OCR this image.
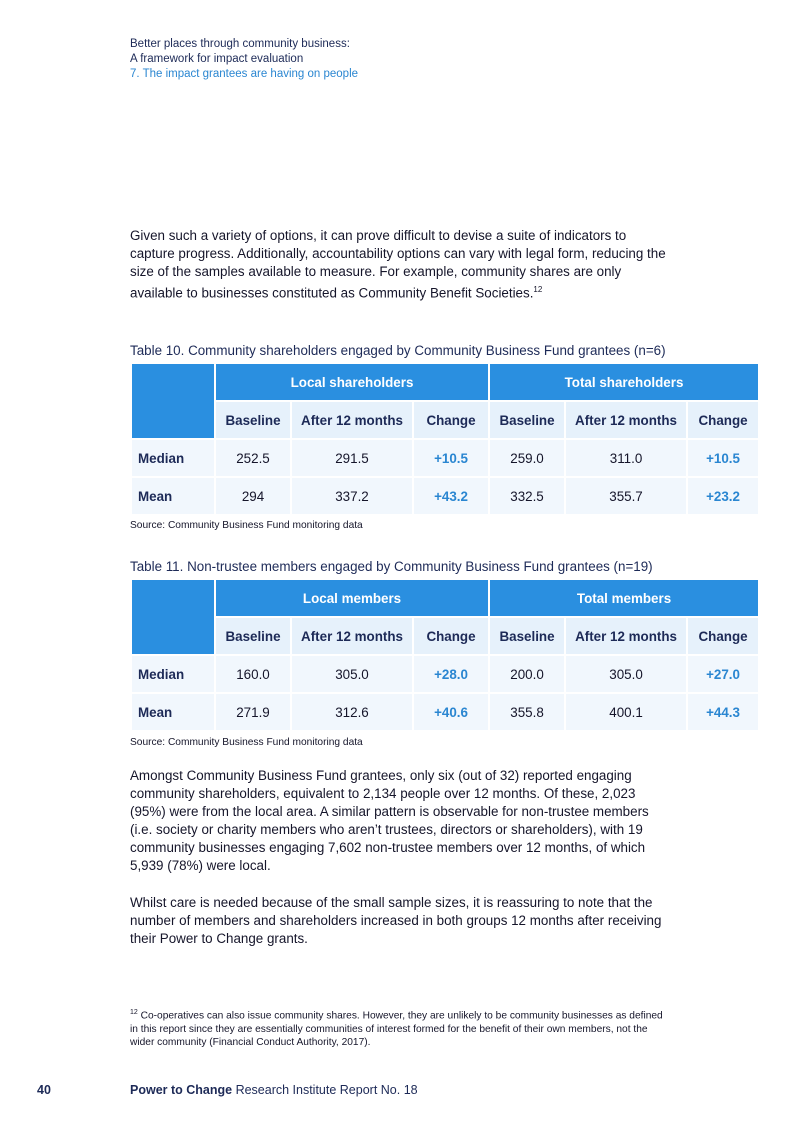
Better places through community business:
A framework for impact evaluation
7. The impact grantees are having on people

Given such a variety of options, it can prove difficult to devise a suite of indicators to capture progress. Additionally, accountability options can vary with legal form, reducing the size of the samples available to measure. For example, community shares are only available to businesses constituted as Community Benefit Societies.$^{12}$

Table 10. Community shareholders engaged by Community Business Fund grantees (n=6)
	Local shareholders			Total shareholders		
	Baseline	After 12 months	Change	Baseline	After 12 months	Change
Median	252.5	291.5	+10.5	259.0	311.0	+10.5
Mean	294	337.2	+43.2	332.5	355.7	+23.2
Source: Community Business Fund monitoring data
Table 11. Non-trustee members engaged by Community Business Fund grantees (n=19)
	Local members			Total members		
	Baseline	After 12 months	Change	Baseline	After 12 months	Change
Median	160.0	305.0	+28.0	200.0	305.0	+27.0
Mean	271.9	312.6	+40.6	355.8	400.1	+44.3
Source: Community Business Fund monitoring data

Amongst Community Business Fund grantees, only six (out of 32) reported engaging community shareholders, equivalent to 2,134 people over 12 months. Of these, 2,023 (95%) were from the local area. A similar pattern is observable for non-trustee members (i.e. society or charity members who aren’t trustees, directors or shareholders), with 19 community businesses engaging 7,602 non-trustee members over 12 months, of which 5,939 (78%) were local.

Whilst care is needed because of the small sample sizes, it is reassuring to note that the number of members and shareholders increased in both groups 12 months after receiving their Power to Change grants.

$^{12}$ Co-operatives can also issue community shares. However, they are unlikely to be community businesses as defined in this report since they are essentially communities of interest formed for the benefit of their own members, not the wider community (Financial Conduct Authority, 2017).
40	Power to Change Research Institute Report No. 18
